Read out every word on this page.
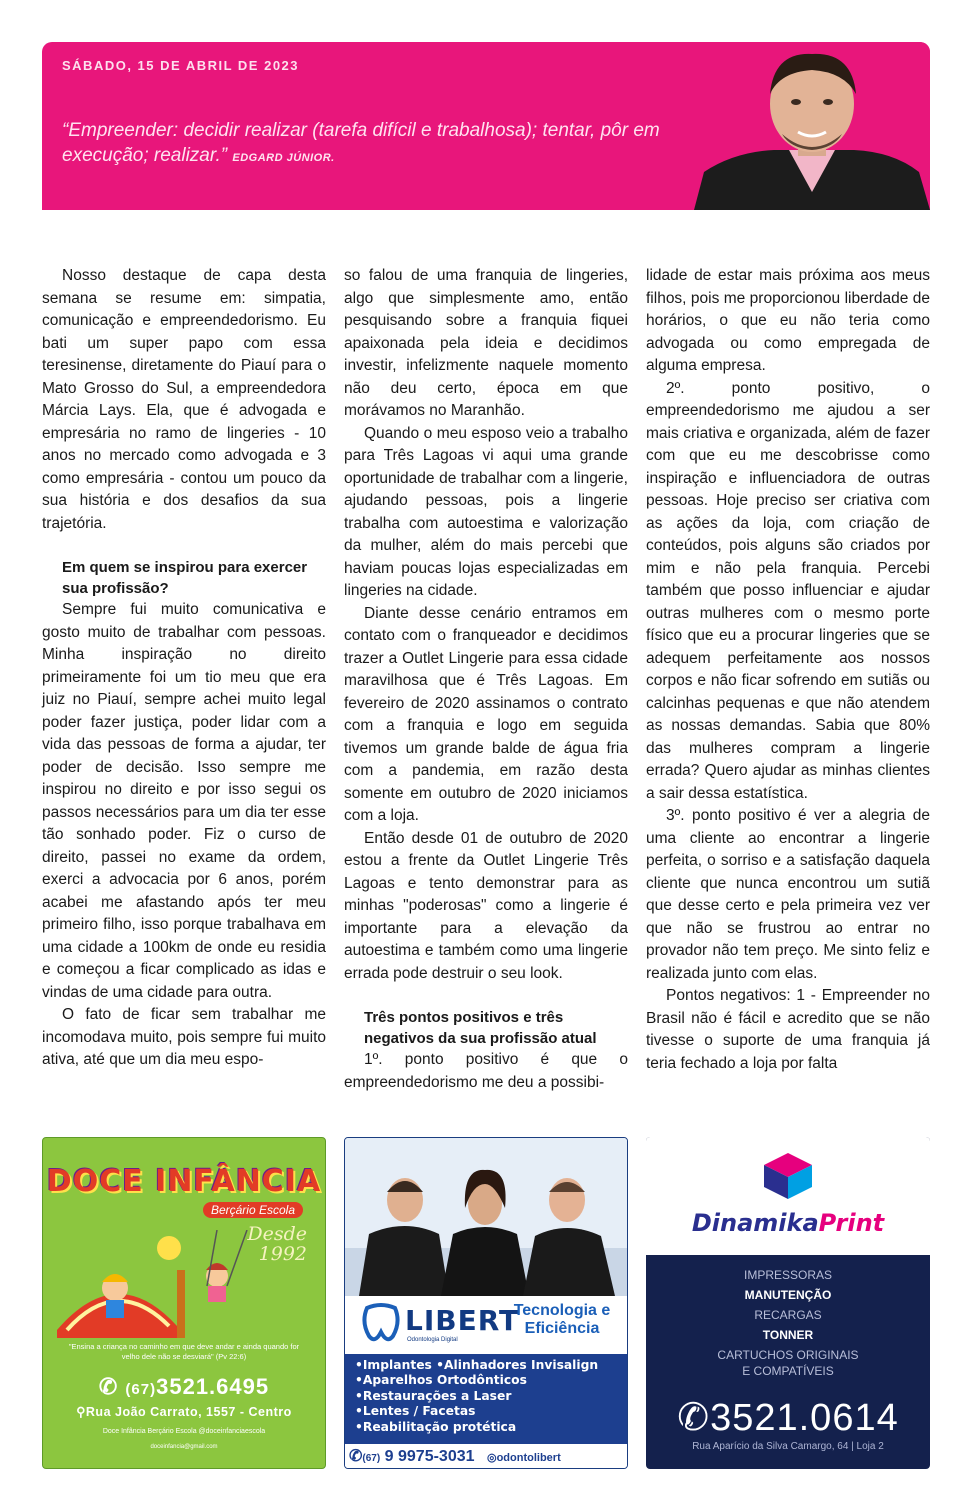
SÁBADO, 15 DE ABRIL DE 2023
“Empreender: decidir realizar (tarefa difícil e trabalhosa); tentar, pôr em execução; realizar.” EDGARD JÚNIOR.

Nosso destaque de capa desta semana se resume em: simpatia, comunicação e empreendedorismo. Eu bati um super papo com essa teresinense, diretamente do Piauí para o Mato Grosso do Sul, a empreendedora Márcia Lays. Ela, que é advogada e empresária no ramo de lingeries - 10 anos no mercado como advogada e 3 como empresária - contou um pouco da sua história e dos desafios da sua trajetória.

Em quem se inspirou para exercer sua profissão?

Sempre fui muito comunicativa e gosto muito de trabalhar com pessoas. Minha inspiração no direito primeiramente foi um tio meu que era juiz no Piauí, sempre achei muito legal poder fazer justiça, poder lidar com a vida das pessoas de forma a ajudar, ter poder de decisão. Isso sempre me inspirou no direito e por isso segui os passos necessários para um dia ter esse tão sonhado poder. Fiz o curso de direito, passei no exame da ordem, exerci a advocacia por 6 anos, porém acabei me afastando após ter meu primeiro filho, isso porque trabalhava em uma cidade a 100km de onde eu residia e começou a ficar complicado as idas e vindas de uma cidade para outra.

O fato de ficar sem trabalhar me incomodava muito, pois sempre fui muito ativa, até que um dia meu espo-

so falou de uma franquia de lingeries, algo que simplesmente amo, então pesquisando sobre a franquia fiquei apaixonada pela ideia e decidimos investir, infelizmente naquele momento não deu certo, época em que morávamos no Maranhão.

Quando o meu esposo veio a trabalho para Três Lagoas vi aqui uma grande oportunidade de trabalhar com a lingerie, ajudando pessoas, pois a lingerie trabalha com autoestima e valorização da mulher, além do mais percebi que haviam poucas lojas especializadas em lingeries na cidade.

Diante desse cenário entramos em contato com o franqueador e decidimos trazer a Outlet Lingerie para essa cidade maravilhosa que é Três Lagoas. Em fevereiro de 2020 assinamos o contrato com a franquia e logo em seguida tivemos um grande balde de água fria com a pandemia, em razão desta somente em outubro de 2020 iniciamos com a loja.

Então desde 01 de outubro de 2020 estou a frente da Outlet Lingerie Três Lagoas e tento demonstrar para as minhas "poderosas" como a lingerie é importante para a elevação da autoestima e também como uma lingerie errada pode destruir o seu look.

Três pontos positivos e três negativos da sua profissão atual

1º. ponto positivo é que o empreendedorismo me deu a possibi-

lidade de estar mais próxima aos meus filhos, pois me proporcionou liberdade de horários, o que eu não teria como advogada ou como empregada de alguma empresa.

2º. ponto positivo, o empreendedorismo me ajudou a ser mais criativa e organizada, além de fazer com que eu me descobrisse como inspiração e influenciadora de outras pessoas. Hoje preciso ser criativa com as ações da loja, com criação de conteúdos, pois alguns são criados por mim e não pela franquia. Percebi também que posso influenciar e ajudar outras mulheres com o mesmo porte físico que eu a procurar lingeries que se adequem perfeitamente aos nossos corpos e não ficar sofrendo em sutiãs ou calcinhas pequenas e que não atendem as nossas demandas. Sabia que 80% das mulheres compram a lingerie errada? Quero ajudar as minhas clientes a sair dessa estatística.

3º. ponto positivo é ver a alegria de uma cliente ao encontrar a lingerie perfeita, o sorriso e a satisfação daquela cliente que nunca encontrou um sutiã que desse certo e pela primeira vez ver que não se frustrou ao entrar no provador não tem preço. Me sinto feliz e realizada junto com elas.

Pontos negativos: 1 - Empreender no Brasil não é fácil e acredito que se não tivesse o suporte de uma franquia já teria fechado a loja por falta

DOCE INFÂNCIA
Berçário Escola
Desde 1992
"Ensina a criança no caminho em que deve andar e ainda quando for velho dele não se desviará" (Pv 22:6)
✆ (67)3521.6495
⚲Rua João Carrato, 1557 - Centro
Doce Infância Berçário Escola @doceinfanciaescola
doceinfancia@gmail.com
LIBERT
Odontologia Digital
Tecnologia e Eficiência
•Implantes •Alinhadores Invisalign
•Aparelhos Ortodônticos
•Restaurações a Laser
•Lentes / Facetas
•Reabilitação protética
✆(67) 9 9975-3031 ◎odontolibert
DinamikaPrint
IMPRESSORAS
MANUTENÇÃO
RECARGAS
TONNER
CARTUCHOS ORIGINAIS
E COMPATÍVEIS
✆3521.0614
Rua Aparício da Silva Camargo, 64 | Loja 2
